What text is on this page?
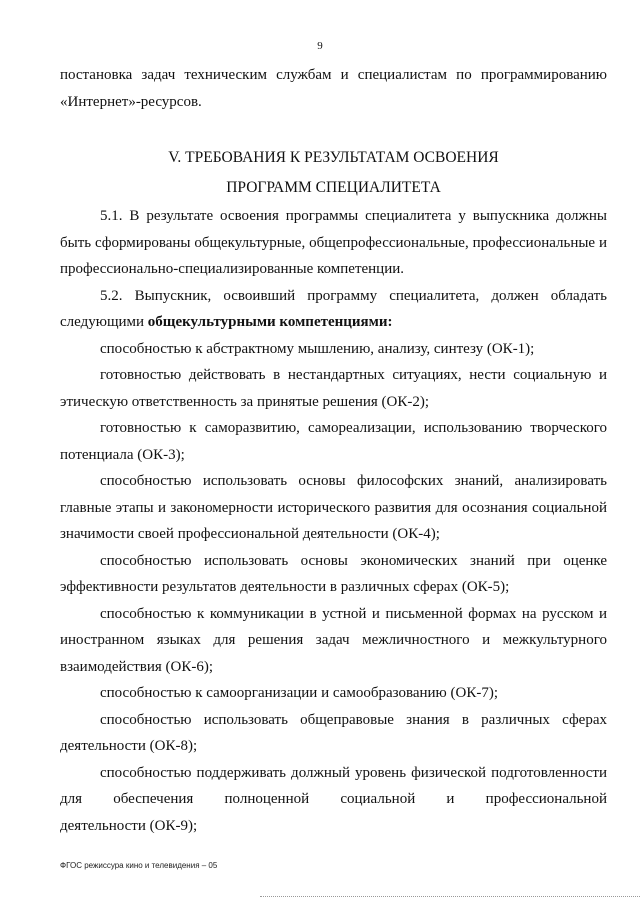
9

постановка задач техническим службам и специалистам по программированию «Интернет»-ресурсов.

V. ТРЕБОВАНИЯ К РЕЗУЛЬТАТАМ ОСВОЕНИЯ
ПРОГРАММ СПЕЦИАЛИТЕТА

5.1. В результате освоения программы специалитета у выпускника должны быть сформированы общекультурные, общепрофессиональные, профессиональные и профессионально-специализированные компетенции.

5.2. Выпускник, освоивший программу специалитета, должен обладать следующими общекультурными компетенциями:

способностью к абстрактному мышлению, анализу, синтезу (ОК-1);

готовностью действовать в нестандартных ситуациях, нести социальную и этическую ответственность за принятые решения (ОК-2);

готовностью к саморазвитию, самореализации, использованию творческого потенциала (ОК-3);

способностью использовать основы философских знаний, анализировать главные этапы и закономерности исторического развития для осознания социальной значимости своей профессиональной деятельности (ОК-4);

способностью использовать основы экономических знаний при оценке эффективности результатов деятельности в различных сферах (ОК-5);

способностью к коммуникации в устной и письменной формах на русском и иностранном языках для решения задач межличностного и межкультурного взаимодействия (ОК-6);

способностью к самоорганизации и самообразованию (ОК-7);

способностью использовать общеправовые знания в различных сферах деятельности (ОК-8);

способностью поддерживать должный уровень физической подготовленности

для обеспечения полноценной социальной и профессиональной

деятельности (ОК-9);

ФГОС режиссура кино и телевидения – 05
